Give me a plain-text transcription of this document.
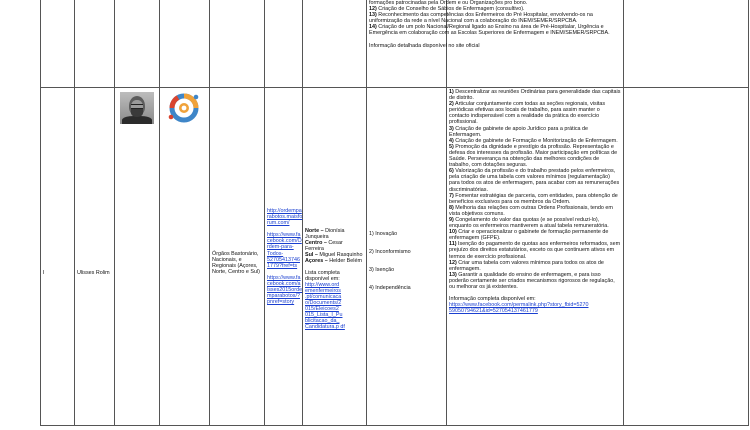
formações patrocinadas pela Ordem e ou Organizações pro bono.

12) Criação de Conselho de Sábios de Enfermagem (consultivo).

13) Reconhecimento das competências dos Enfermeiros do Pré Hospitalar, envolvendo-os na uniformização da rede a nível Nacional com a colaboração do INEM/SEMER/SRPCBA.

14) Criação de um polo Nacional/Regional ligado ao Ensino na área de Pré-Hospitalar, Urgência e Emergência em colaboração com as Escolas Superiores de Enfermagem e INEM/SEMER/SRPCBA.

Informação detalhada disponível no site oficial

I	Ulisses Rolim
Órgãos Bastonário, Nacionais, e Regionais (Açores, Norte, Centro e Sul)
http://ordempa rabotos.maisfo rum.com/
https://www.fa cebook.com/O rdem-para- Todos- 52705413746 1779?fref=ts
https://www.fa cebook.com/a lsses2015orde mparabotos/?pnref=story
Norte – Dionísia Junqueira
Centro – Cesar Ferreira
Sul – Miguel Rasquinho
Açores – Helder Belém
Lista completa disponível em:
http://www.ord emenfermeiros .pt/comunicaca o/Documents/2 015/Eleicoes2 015_Lista_I_Pu blicitacao_da_ Candidatura.p df
1) Inovação
2) Inconformismo
3) Isenção
4) Independência

1) Descentralizar as reuniões Ordinárias para generalidade das capitais de distrito.

2) Articular conjuntamente com todas as seções regionais, visitas periódicas efetivas aos locais de trabalho, para assim manter o contacto indispensável com a realidade da prática do exercício profissional.

3) Criação de gabinete de apoio Jurídico para a prática de Enfermagem.

4) Criação de gabinete de Formação e Monitorização de Enfermagem.

5) Promoção da dignidade e prestígio da profissão. Representação e defesa dos interesses da profissão. Maior participação em políticas de Saúde. Perseverança na obtenção das melhores condições de trabalho, com dotações seguras.

6) Valorização da profissão e do trabalho prestado pelos enfermeiros, pela criação de uma tabela com valores mínimos (regulamentação) para todos os atos de enfermagem, para acabar com as remunerações discriminatórias.

7) Fomentar estratégias de parceria, com entidades, para obtenção de benefícios exclusivos para os membros da Ordem.

8) Melhoria das relações com outras Ordens Profissionais, tendo em vista objetivos comuns.

9) Congelamento do valor das quotas (e se possível reduzi-lo), enquanto os enfermeiros mantiverem a atual tabela remuneratória.

10) Criar e operacionalizar o gabinete de formação permanente de enfermagem (GFPE).

11) Isenção do pagamento de quotas aos enfermeiros reformados, sem prejuízo dos direitos estatutários, exceto os que continuem ativos em termos de exercício profissional.

12) Criar uma tabela com valores mínimos para todos os atos de enfermagem.

13) Garantir a qualidade do ensino de enfermagem, e para isso poderão certamente ser criados mecanismos rigorosos de regulação, ou melhorar os já existentes.

Informação completa disponível em:

https://www.facebook.com/permalink.php?story_fbid=5270 59050794621&id=527054137461779
